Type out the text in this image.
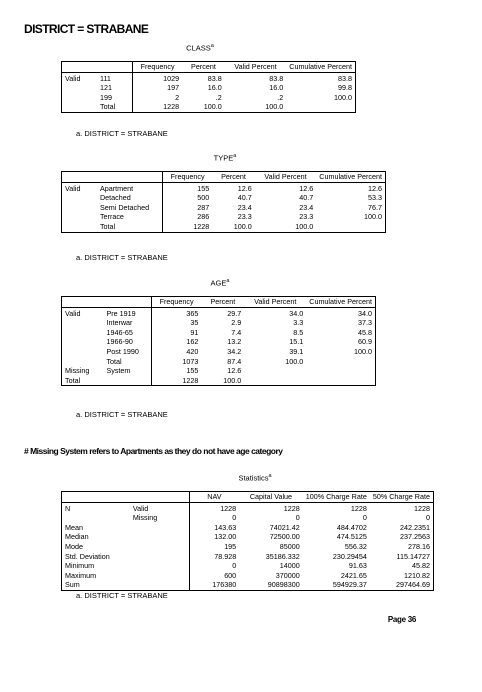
DISTRICT = STRABANE
CLASS$^a$
		Frequency	Percent	Valid Percent	Cumulative Percent
Valid	111	1029	83.8	83.8	83.8
	121	197	16.0	16.0	99.8
	199	2	.2	.2	100.0
	Total	1228	100.0	100.0	
a. DISTRICT = STRABANE
TYPE$^a$
		Frequency	Percent	Valid Percent	Cumulative Percent
Valid	Apartment	155	12.6	12.6	12.6
	Detached	500	40.7	40.7	53.3
	Semi Detached	287	23.4	23.4	76.7
	Terrace	286	23.3	23.3	100.0
	Total	1228	100.0	100.0	
a. DISTRICT = STRABANE
AGE$^a$
		Frequency	Percent	Valid Percent	Cumulative Percent
Valid	Pre 1919	365	29.7	34.0	34.0
	Interwar	35	2.9	3.3	37.3
	1946-65	91	7.4	8.5	45.8
	1966-90	162	13.2	15.1	60.9
	Post 1990	420	34.2	39.1	100.0
	Total	1073	87.4	100.0	
Missing	System	155	12.6		
Total		1228	100.0		
a. DISTRICT = STRABANE
# Missing System refers to Apartments as they do not have age category
Statistics$^a$
		NAV	Capital Value	100% Charge Rate	50% Charge Rate
N	Valid	1228	1228	1228	1228
	Missing	0	0	0	0
Mean		143.63	74021.42	484.4702	242.2351
Median		132.00	72500.00	474.5125	237.2563
Mode		195	85000	556.32	278.16
Std. Deviation		78.928	35186.332	230.29454	115.14727
Minimum		0	14000	91.63	45.82
Maximum		600	370000	2421.65	1210.82
Sum		176380	90898300	594929.37	297464.69
a. DISTRICT = STRABANE
Page 36
